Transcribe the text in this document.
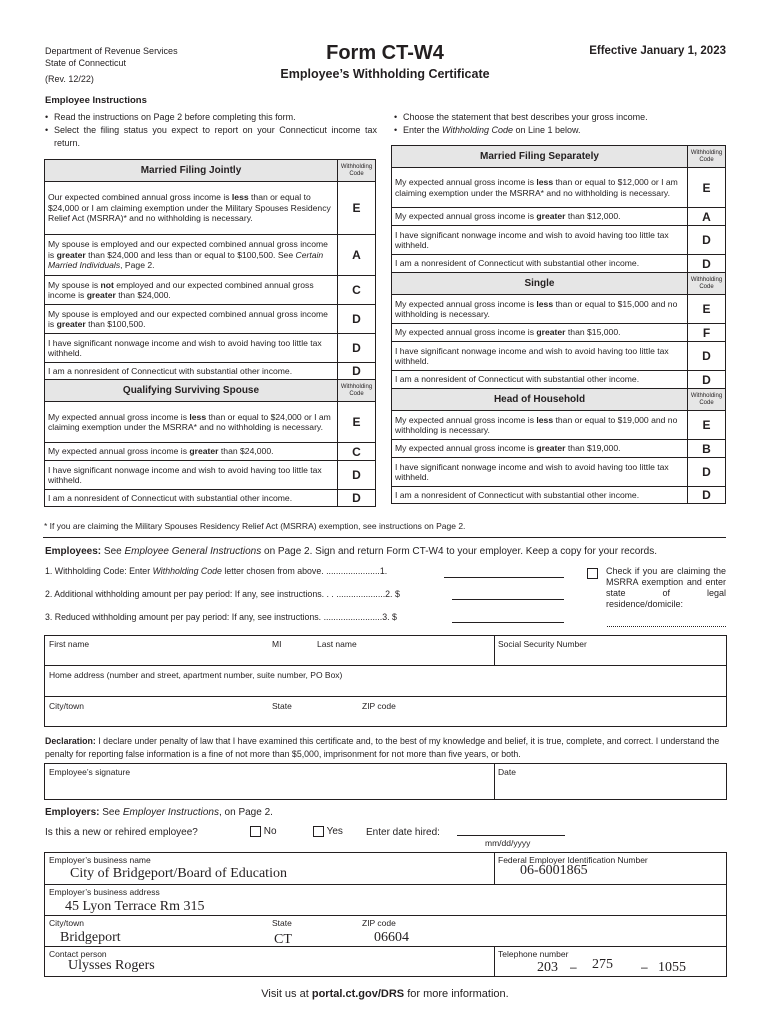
Department of Revenue Services
State of Connecticut
(Rev. 12/22)
Form CT-W4
Employee’s Withholding Certificate
Effective January 1, 2023
Employee Instructions
• Read the instructions on Page 2 before completing this form.
• Select the filing status you expect to report on your Connecticut income tax return.
• Choose the statement that best describes your gross income.
• Enter the Withholding Code on Line 1 below.
Married Filing Jointly	Withholding Code
Our expected combined annual gross income is less than or equal to $24,000 or I am claiming exemption under the Military Spouses Residency Relief Act (MSRRA)* and no withholding is necessary.	E
My spouse is employed and our expected combined annual gross income is greater than $24,000 and less than or equal to $100,500. See Certain Married Individuals, Page 2.	A
My spouse is not employed and our expected combined annual gross income is greater than $24,000.	C
My spouse is employed and our expected combined annual gross income is greater than $100,500.	D
I have significant nonwage income and wish to avoid having too little tax withheld.	D
I am a nonresident of Connecticut with substantial other income.	D
Qualifying Surviving Spouse	Withholding Code
My expected annual gross income is less than or equal to $24,000 or I am claiming exemption under the MSRRA* and no withholding is necessary.	E
My expected annual gross income is greater than $24,000.	C
I have significant nonwage income and wish to avoid having too little tax withheld.	D
I am a nonresident of Connecticut with substantial other income.	D
Married Filing Separately	Withholding Code
My expected annual gross income is less than or equal to $12,000 or I am claiming exemption under the MSRRA* and no withholding is necessary.	E
My expected annual gross income is greater than $12,000.	A
I have significant nonwage income and wish to avoid having too little tax withheld.	D
I am a nonresident of Connecticut with substantial other income.	D
Single	Withholding Code
My expected annual gross income is less than or equal to $15,000 and no withholding is necessary.	E
My expected annual gross income is greater than $15,000.	F
I have significant nonwage income and wish to avoid having too little tax withheld.	D
I am a nonresident of Connecticut with substantial other income.	D
Head of Household	Withholding Code
My expected annual gross income is less than or equal to $19,000 and no withholding is necessary.	E
My expected annual gross income is greater than $19,000.	B
I have significant nonwage income and wish to avoid having too little tax withheld.	D
I am a nonresident of Connecticut with substantial other income.	D
* If you are claiming the Military Spouses Residency Relief Act (MSRRA) exemption, see instructions on Page 2.
Employees: See Employee General Instructions on Page 2. Sign and return Form CT-W4 to your employer. Keep a copy for your records.
1. Withholding Code: Enter Withholding Code letter chosen from above. ......................1.
2. Additional withholding amount per pay period: If any, see instructions. . . ....................2. $
3. Reduced withholding amount per pay period: If any, see instructions. ........................3. $
Check if you are claiming the MSRRA exemption and enter state of legal residence/domicile:
First name	MI	Last name	Social Security Number
Home address (number and street, apartment number, suite number, PO Box)
City/town	State	ZIP code
Declaration: I declare under penalty of law that I have examined this certificate and, to the best of my knowledge and belief, it is true, complete, and correct. I understand the penalty for reporting false information is a fine of not more than $5,000, imprisonment for not more than five years, or both.
Employee’s signature	Date
Employers: See Employer Instructions, on Page 2.
Is this a new or rehired employee?	No	Yes Enter date hired:
mm/dd/yyyy
Employer’s business name
City of Bridgeport/Board of Education
Federal Employer Identification Number
06-6001865
Employer’s business address
45 Lyon Terrace Rm 315
City/town
Bridgeport
State
CT
ZIP code
06604
Contact person
Ulysses Rogers
Telephone number
203 – 275 – 1055
Visit us at portal.ct.gov/DRS for more information.
